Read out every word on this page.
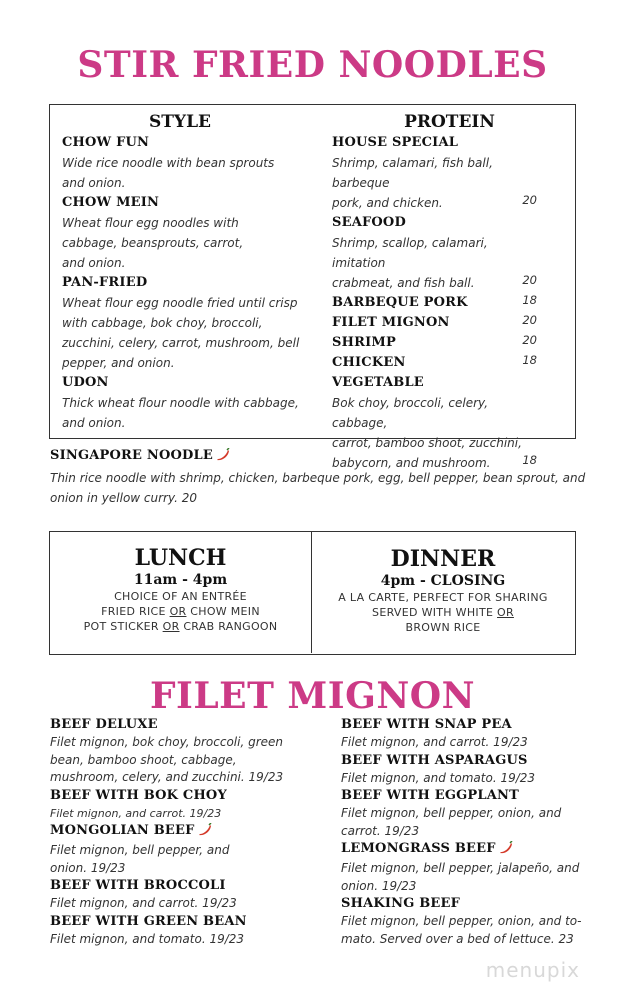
STIR FRIED NOODLES
STYLE
CHOW FUN
Wide rice noodle with bean sprouts
and onion.
CHOW MEIN
Wheat flour egg noodles with
cabbage, beansprouts, carrot,
and onion.
PAN-FRIED
Wheat flour egg noodle fried until crisp
with cabbage, bok choy, broccoli,
zucchini, celery, carrot, mushroom, bell
pepper, and onion.
UDON
Thick wheat flour noodle with cabbage,
and onion.
PROTEIN
HOUSE SPECIAL
Shrimp, calamari, fish ball, barbeque
pork, and chicken.	20
SEAFOOD
Shrimp, scallop, calamari, imitation
crabmeat, and fish ball.	20
BARBEQUE PORK	18
FILET MIGNON	20
SHRIMP	20
CHICKEN	18
VEGETABLE
Bok choy, broccoli, celery, cabbage,
carrot, bamboo shoot, zucchini,
babycorn, and mushroom.	18
SINGAPORE NOODLE
Thin rice noodle with shrimp, chicken, barbeque pork, egg, bell pepper, bean sprout, and
onion in yellow curry. 20
LUNCH
11am - 4pm
CHOICE OF AN ENTRÉE
FRIED RICE OR CHOW MEIN
POT STICKER OR CRAB RANGOON
DINNER
4pm - CLOSING
A LA CARTE, PERFECT FOR SHARING
SERVED WITH WHITE OR
BROWN RICE
FILET MIGNON
BEEF DELUXE
Filet mignon, bok choy, broccoli, green
bean, bamboo shoot, cabbage,
mushroom, celery, and zucchini. 19/23
BEEF WITH BOK CHOY
Filet mignon, and carrot. 19/23
MONGOLIAN BEEF
Filet mignon, bell pepper, and
onion. 19/23
BEEF WITH BROCCOLI
Filet mignon, and carrot. 19/23
BEEF WITH GREEN BEAN
Filet mignon, and tomato. 19/23
BEEF WITH SNAP PEA
Filet mignon, and carrot. 19/23
BEEF WITH ASPARAGUS
Filet mignon, and tomato. 19/23
BEEF WITH EGGPLANT
Filet mignon, bell pepper, onion, and
carrot. 19/23
LEMONGRASS BEEF
Filet mignon, bell pepper, jalapeño, and
onion. 19/23
SHAKING BEEF
Filet mignon, bell pepper, onion, and to-
mato. Served over a bed of lettuce. 23
menupix
